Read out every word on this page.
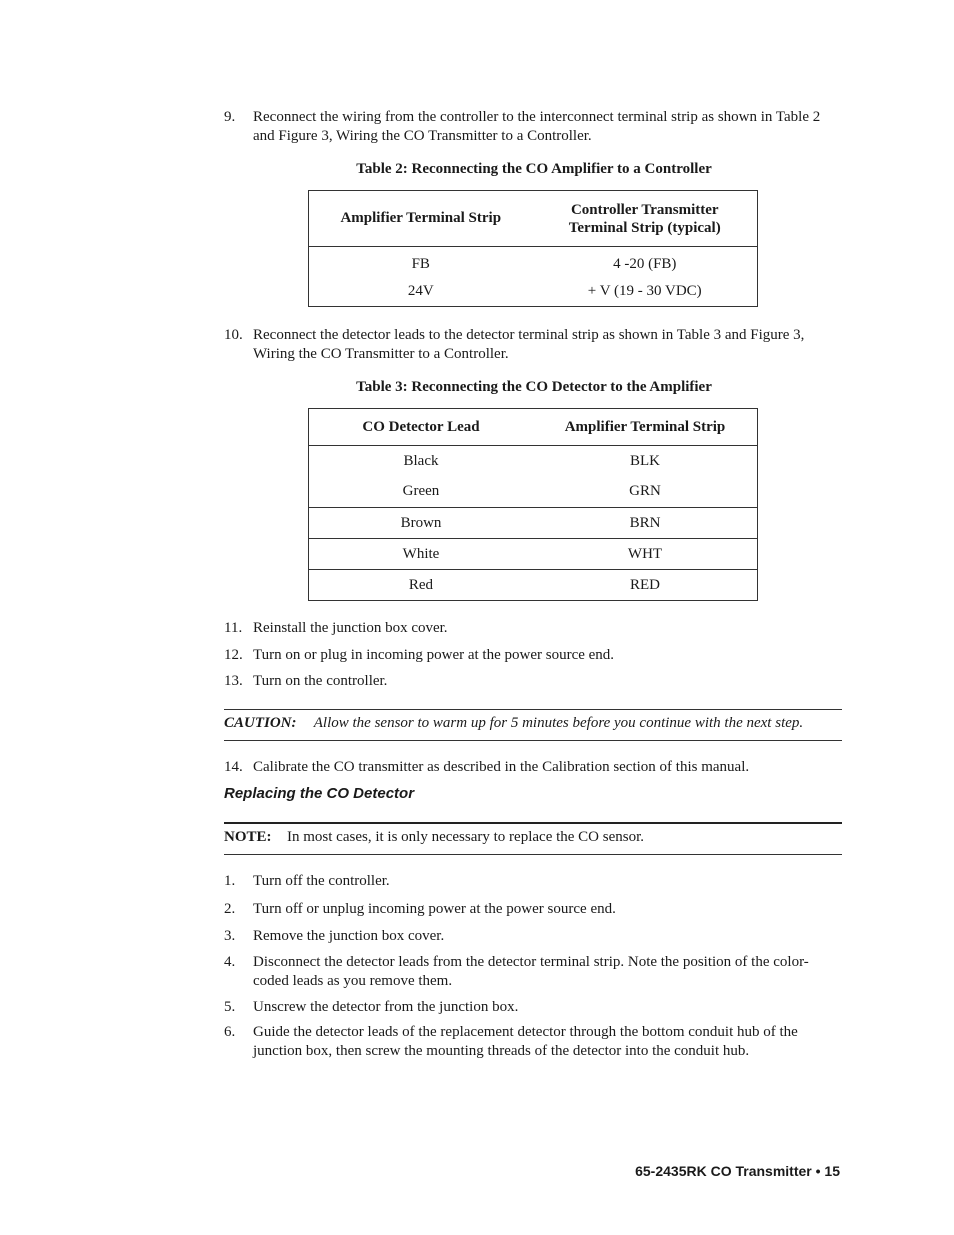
9. Reconnect the wiring from the controller to the interconnect terminal strip as shown in Table 2 and Figure 3, Wiring the CO Transmitter to a Controller.
Table 2: Reconnecting the CO Amplifier to a Controller
Amplifier Terminal Strip	Controller Transmitter Terminal Strip (typical)
FB	4 -20 (FB)
24V	+ V (19 - 30 VDC)
10. Reconnect the detector leads to the detector terminal strip as shown in Table 3 and Figure 3, Wiring the CO Transmitter to a Controller.
Table 3: Reconnecting the CO Detector to the Amplifier
CO Detector Lead	Amplifier Terminal Strip
Black	BLK
Green	GRN
Brown	BRN
White	WHT
Red	RED
11. Reinstall the junction box cover.
12. Turn on or plug in incoming power at the power source end.
13. Turn on the controller.
CAUTION: Allow the sensor to warm up for 5 minutes before you continue with the next step.
14. Calibrate the CO transmitter as described in the Calibration section of this manual.
Replacing the CO Detector
NOTE: In most cases, it is only necessary to replace the CO sensor.
1. Turn off the controller.
2. Turn off or unplug incoming power at the power source end.
3. Remove the junction box cover.
4. Disconnect the detector leads from the detector terminal strip. Note the position of the color-coded leads as you remove them.
5. Unscrew the detector from the junction box.
6. Guide the detector leads of the replacement detector through the bottom conduit hub of the junction box, then screw the mounting threads of the detector into the conduit hub.
65-2435RK CO Transmitter • 15
